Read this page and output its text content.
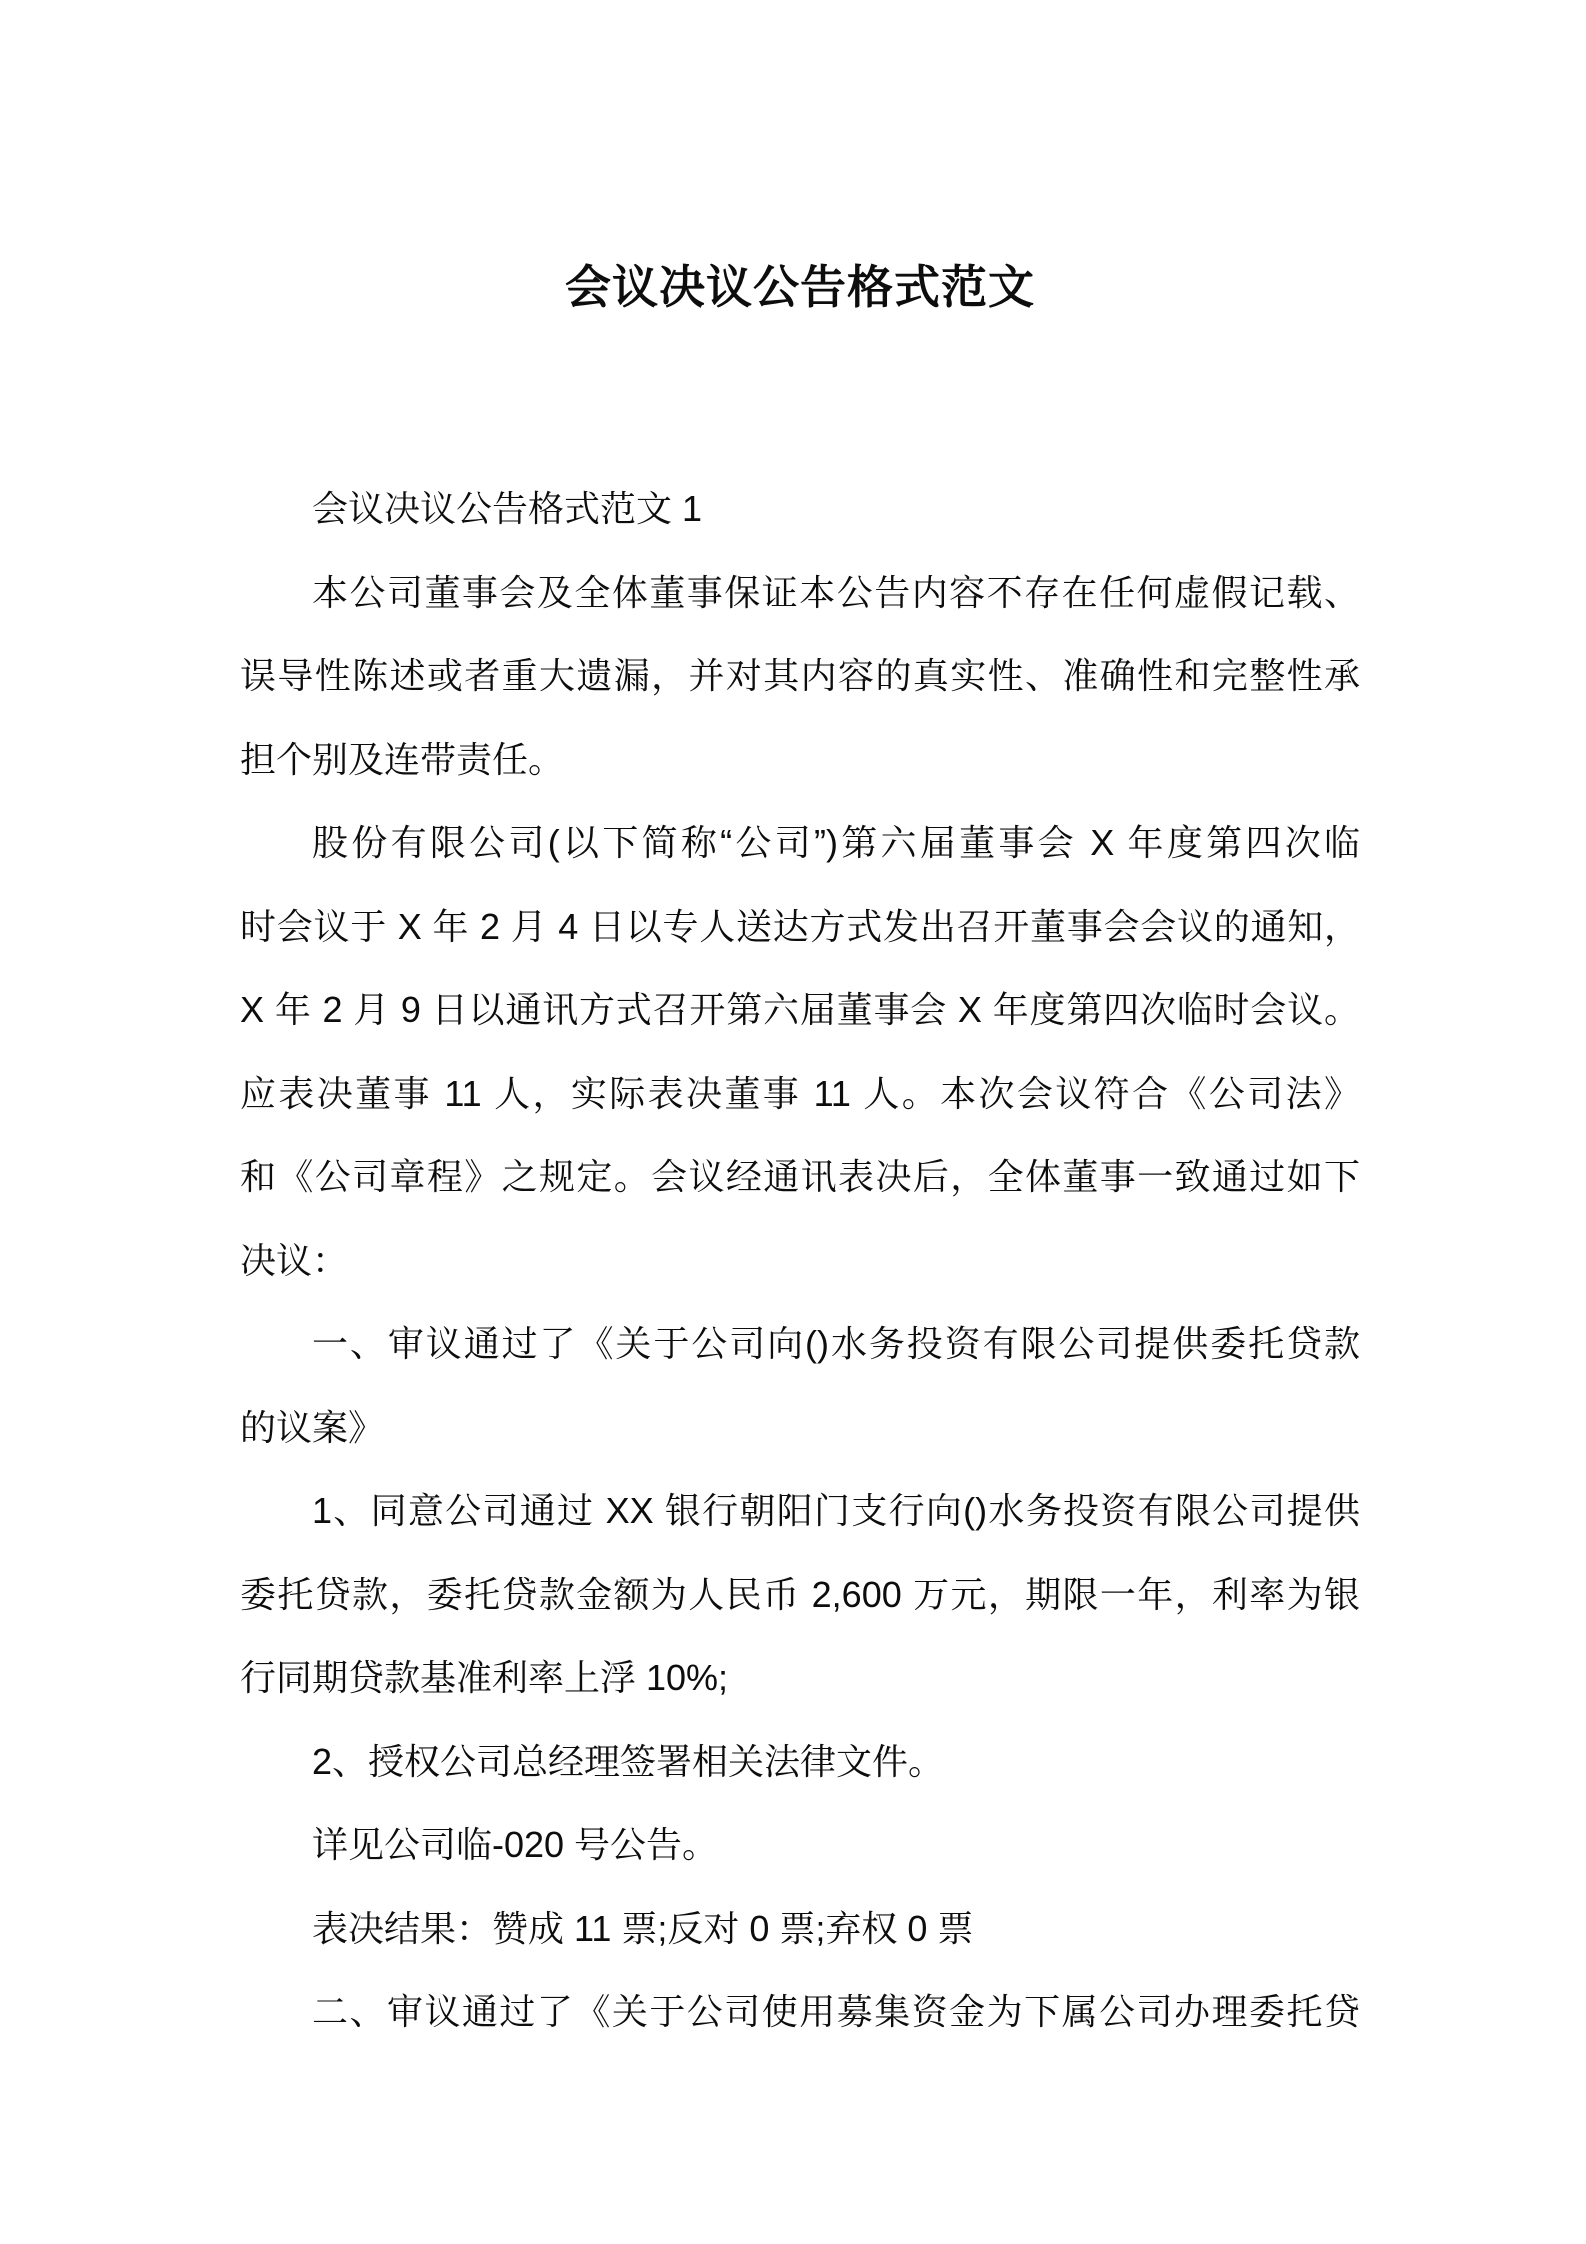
会议决议公告格式范文
会议决议公告格式范文 1
本公司董事会及全体董事保证本公告内容不存在任何虚假记载、
误导性陈述或者重大遗漏，并对其内容的真实性、准确性和完整性承
担个别及连带责任。
股份有限公司(以下简称“公司”)第六届董事会 X 年度第四次临
时会议于 X 年 2 月 4 日以专人送达方式发出召开董事会会议的通知，
X 年 2 月 9 日以通讯方式召开第六届董事会 X 年度第四次临时会议。
应表决董事 11 人，实际表决董事 11 人。本次会议符合《公司法》
和《公司章程》之规定。会议经通讯表决后，全体董事一致通过如下
决议：
一、审议通过了《关于公司向()水务投资有限公司提供委托贷款
的议案》
1、同意公司通过 XX 银行朝阳门支行向()水务投资有限公司提供
委托贷款，委托贷款金额为人民币 2,600 万元，期限一年，利率为银
行同期贷款基准利率上浮 10%;
2、授权公司总经理签署相关法律文件。
详见公司临-020 号公告。
表决结果：赞成 11 票;反对 0 票;弃权 0 票
二、审议通过了《关于公司使用募集资金为下属公司办理委托贷
